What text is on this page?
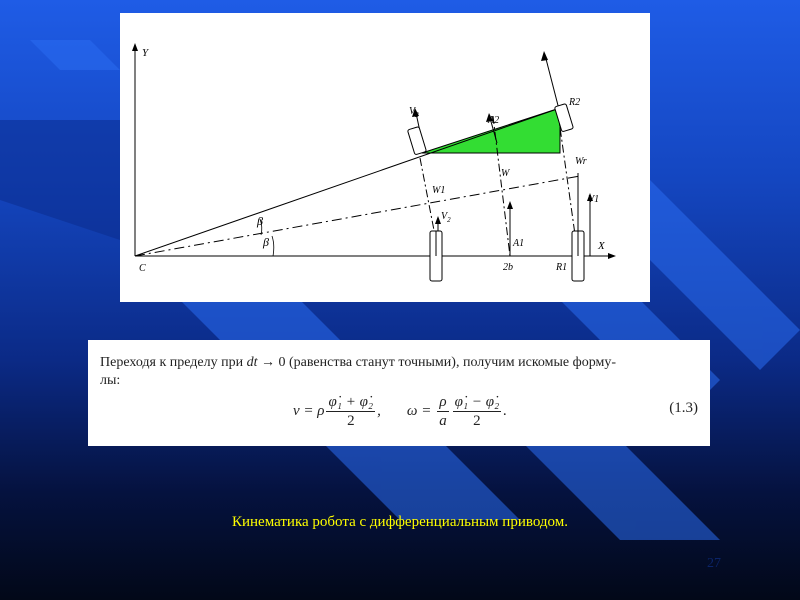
Y
X
C
$V_2$	A2
R2
Wr
W
W1
V1
$V_2$
A1
β
β
2b	R1
Переходя к пределу при dt → 0 (равенства станут точными), получим искомые форму-
лы:
v = ρ $\frac{\text{φ̇₁ + φ̇₂}}{2}$ , $\omega = \frac{\rho}{a} \frac{\text{φ̇₁ − φ̇₂}}{2}$ .	(1.3)
Кинематика робота с дифференциальным приводом.
27
